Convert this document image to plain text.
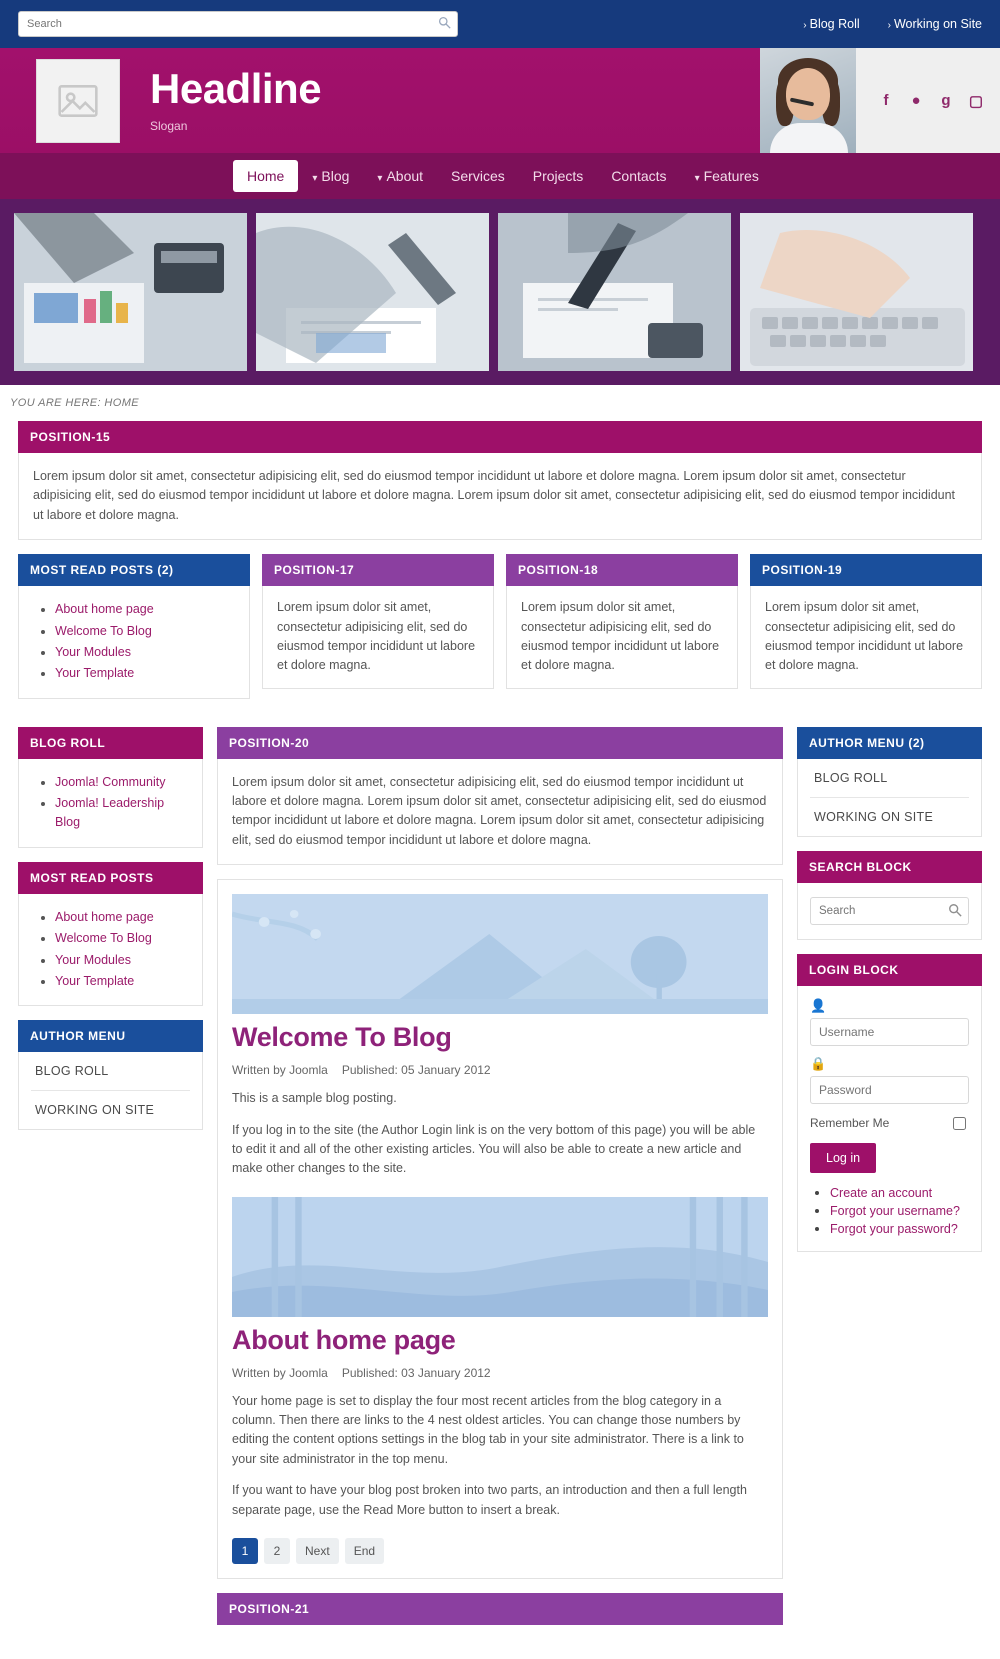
Search
› Blog Roll	› Working on Site
Headline
Slogan
f	● g ▢
Home	▾ Blog	▾ About	Services	Projects	Contacts	▾ Features
YOU ARE HERE: HOME
POSITION-15
Lorem ipsum dolor sit amet, consectetur adipisicing elit, sed do eiusmod tempor incididunt ut labore et dolore magna. Lorem ipsum dolor sit amet, consectetur adipisicing elit, sed do eiusmod tempor incididunt ut labore et dolore magna. Lorem ipsum dolor sit amet, consectetur adipisicing elit, sed do eiusmod tempor incididunt ut labore et dolore magna.
MOST READ POSTS (2)
• About home page
• Welcome To Blog
• Your Modules
• Your Template
POSITION-17
Lorem ipsum dolor sit amet, consectetur adipisicing elit, sed do eiusmod tempor incididunt ut labore et dolore magna.
POSITION-18
Lorem ipsum dolor sit amet, consectetur adipisicing elit, sed do eiusmod tempor incididunt ut labore et dolore magna.
POSITION-19
Lorem ipsum dolor sit amet, consectetur adipisicing elit, sed do eiusmod tempor incididunt ut labore et dolore magna.
BLOG ROLL
• Joomla! Community
• Joomla! Leadership Blog
MOST READ POSTS
• About home page
• Welcome To Blog
• Your Modules
• Your Template
AUTHOR MENU
BLOG ROLL
WORKING ON SITE
POSITION-20
Lorem ipsum dolor sit amet, consectetur adipisicing elit, sed do eiusmod tempor incididunt ut labore et dolore magna. Lorem ipsum dolor sit amet, consectetur adipisicing elit, sed do eiusmod tempor incididunt ut labore et dolore magna. Lorem ipsum dolor sit amet, consectetur adipisicing elit, sed do eiusmod tempor incididunt ut labore et dolore magna.
Welcome To Blog
Written by Joomla Published: 05 January 2012

This is a sample blog posting.

If you log in to the site (the Author Login link is on the very bottom of this page) you will be able to edit it and all of the other existing articles. You will also be able to create a new article and make other changes to the site.

About home page
Written by Joomla Published: 03 January 2012

Your home page is set to display the four most recent articles from the blog category in a column. Then there are links to the 4 nest oldest articles. You can change those numbers by editing the content options settings in the blog tab in your site administrator. There is a link to your site administrator in the top menu.

If you want to have your blog post broken into two parts, an introduction and then a full length separate page, use the Read More button to insert a break.

1	2	Next	End
POSITION-21
AUTHOR MENU (2)
BLOG ROLL
WORKING ON SITE
SEARCH BLOCK
Search
LOGIN BLOCK
👤
Username
🔒
Remember Me
Log in
• Create an account
• Forgot your username?
• Forgot your password?
